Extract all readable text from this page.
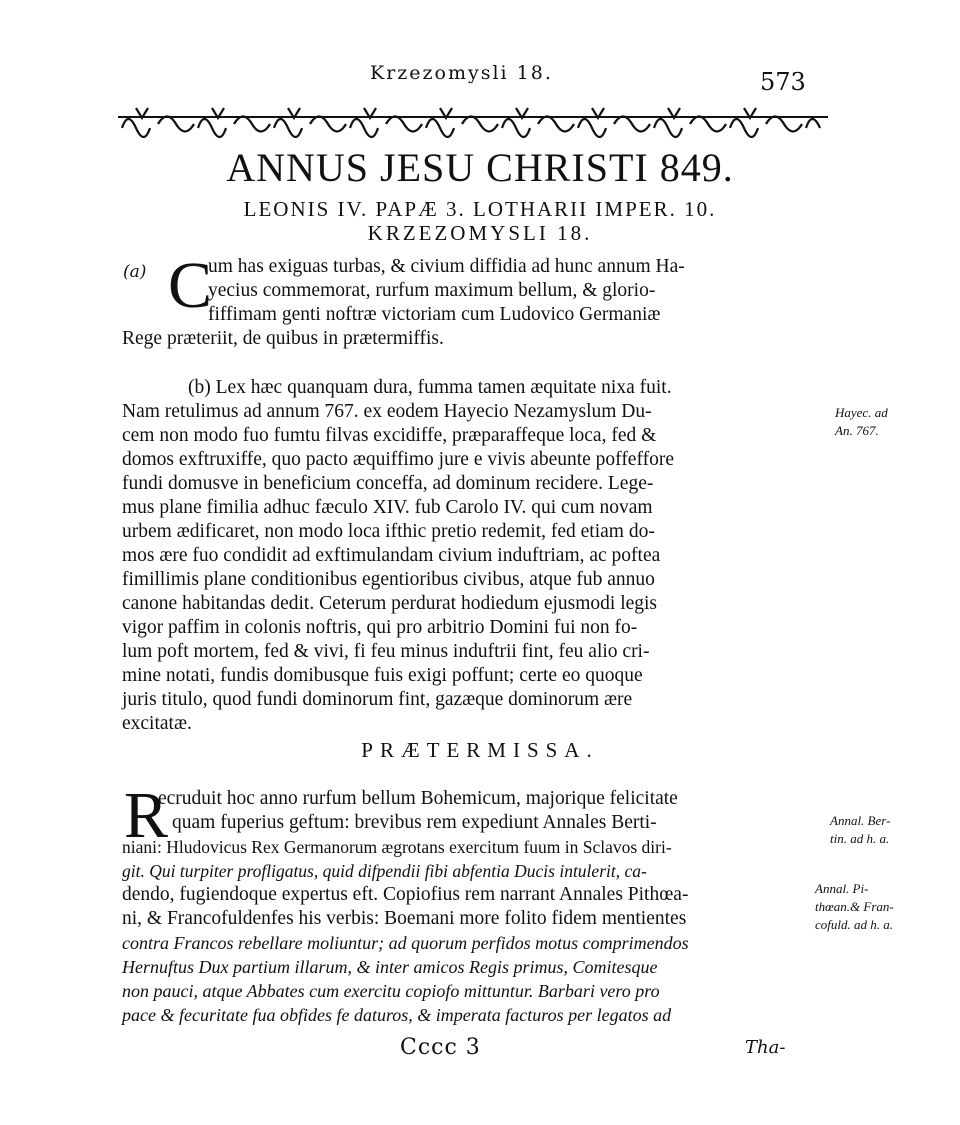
Krzezomysli 18.	573
ANNUS JESU CHRISTI 849.
LEONIS IV. PAPÆ 3. LOTHARII IMPER. 10.
KRZEZOMYSLI 18.
(a) C
um has exiguas turbas, & civium diffidia ad hunc annum Ha-
yecius commemorat, rurfum maximum bellum, & glorio-
fiffimam genti noftræ victoriam cum Ludovico Germaniæ
Rege præteriit, de quibus in prætermiffis.
(b) Lex hæc quanquam dura, fumma tamen æquitate nixa fuit.
Nam retulimus ad annum 767. ex eodem Hayecio Nezamyslum Du-
cem non modo fuo fumtu filvas excidiffe, præparaffeque loca, fed &
domos exftruxiffe, quo pacto æquiffimo jure e vivis abeunte poffeffore
fundi domusve in beneficium conceffa, ad dominum recidere. Lege-
mus plane fimilia adhuc fæculo XIV. fub Carolo IV. qui cum novam
urbem ædificaret, non modo loca ifthic pretio redemit, fed etiam do-
mos ære fuo condidit ad exftimulandam civium induftriam, ac poftea
fimillimis plane conditionibus egentioribus civibus, atque fub annuo
canone habitandas dedit. Ceterum perdurat hodiedum ejusmodi legis
vigor paffim in colonis noftris, qui pro arbitrio Domini fui non fo-
lum poft mortem, fed & vivi, fi feu minus induftrii fint, feu alio cri-
mine notati, fundis domibusque fuis exigi poffunt; certe eo quoque
juris titulo, quod fundi dominorum fint, gazæque dominorum ære
excitatæ.
Hayec. ad
An. 767.
PRÆTERMISSA.
R
ecruduit hoc anno rurfum bellum Bohemicum, majorique felicitate
quam fuperius geftum: brevibus rem expediunt Annales Berti-
niani: Hludovicus Rex Germanorum ægrotans exercitum fuum in Sclavos diri-
git. Qui turpiter profligatus, quid difpendii fibi abfentia Ducis intulerit, ca-
dendo, fugiendoque expertus eft. Copiofius rem narrant Annales Pithœa-
ni, & Francofuldenfes his verbis: Boemani more folito fidem mentientes
contra Francos rebellare moliuntur; ad quorum perfidos motus comprimendos
Hernuftus Dux partium illarum, & inter amicos Regis primus, Comitesque
non pauci, atque Abbates cum exercitu copiofo mittuntur. Barbari vero pro
pace & fecuritate fua obfides fe daturos, & imperata facturos per legatos ad
Annal. Ber-
tin. ad h. a.
Annal. Pi-
thœan.& Fran-
cofuld. ad h. a.
Cccc 3	Tha-
